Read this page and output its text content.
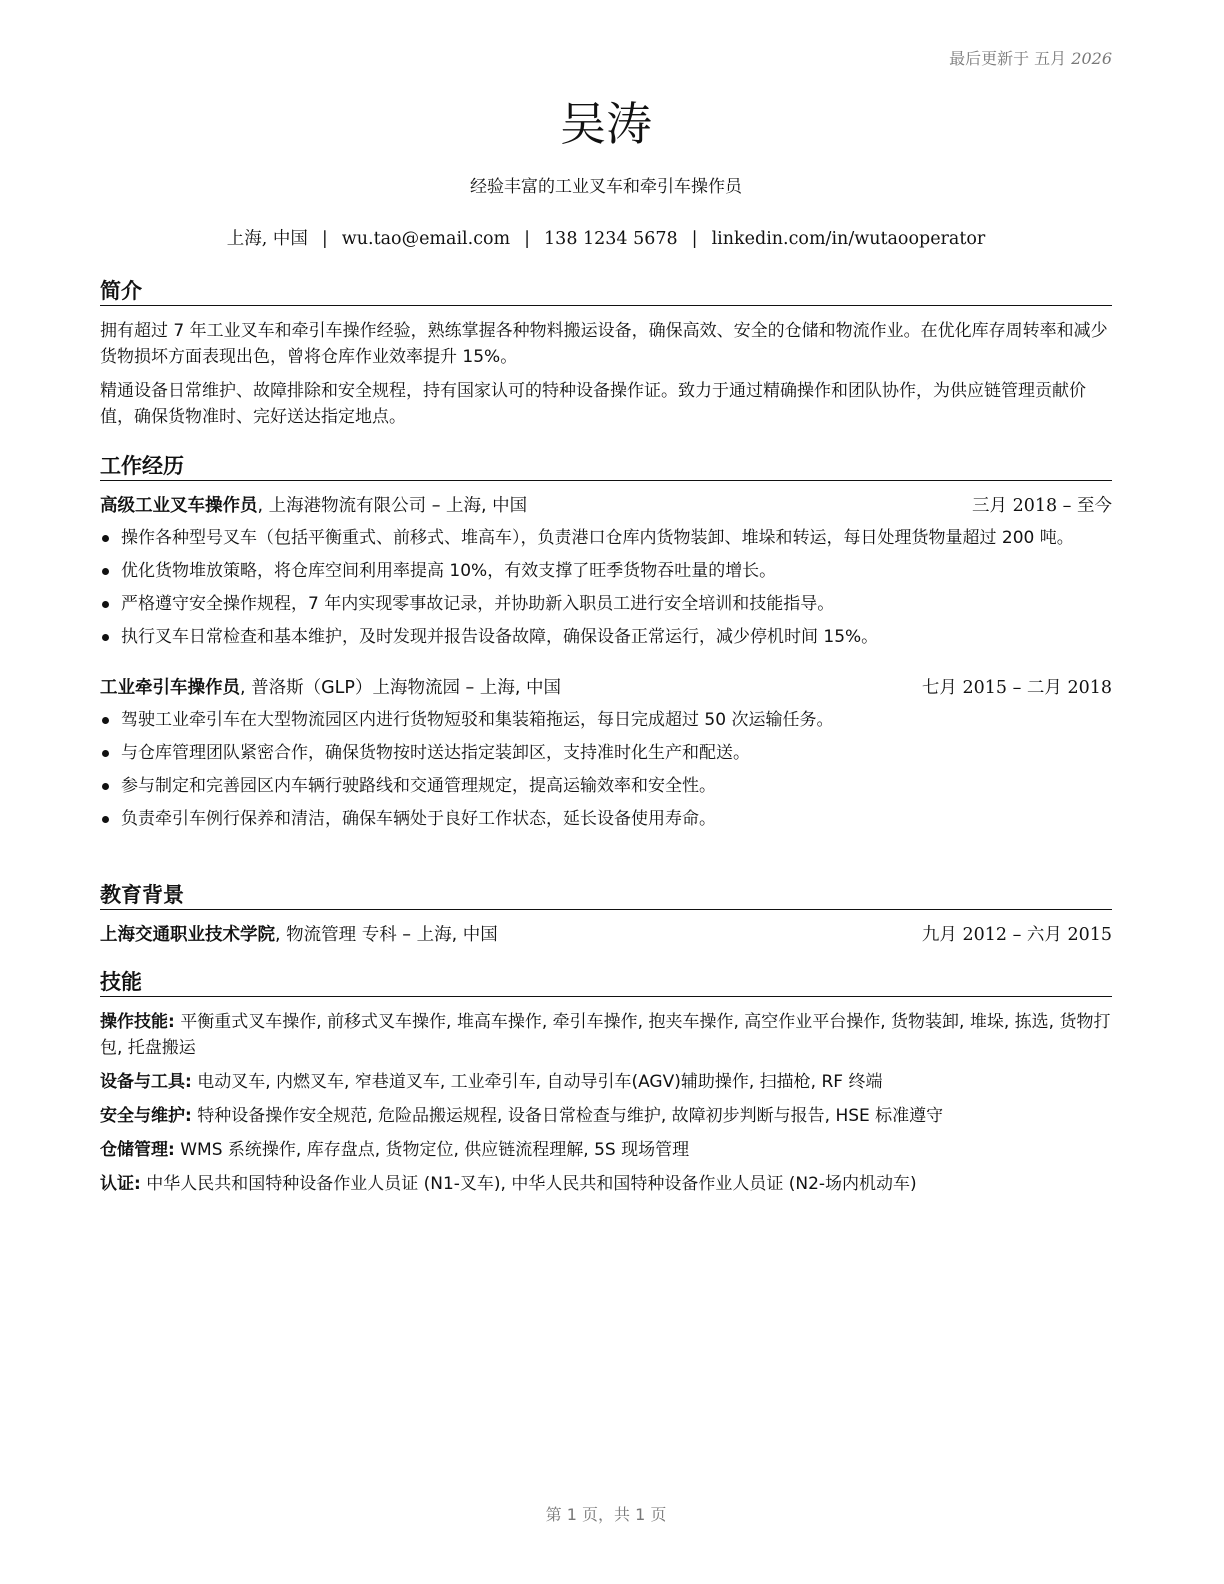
最后更新于 五月 2026
吴涛
经验丰富的工业叉车和牵引车操作员
上海, 中国 | wu.tao@email.com | 138 1234 5678 | linkedin.com/in/wutaooperator
简介

拥有超过 7 年工业叉车和牵引车操作经验，熟练掌握各种物料搬运设备，确保高效、安全的仓储和物流作业。在优化库存周转率和减少货物损坏方面表现出色，曾将仓库作业效率提升 15%。

精通设备日常维护、故障排除和安全规程，持有国家认可的特种设备操作证。致力于通过精确操作和团队协作，为供应链管理贡献价值，确保货物准时、完好送达指定地点。

工作经历
高级工业叉车操作员, 上海港物流有限公司 – 上海, 中国	三月 2018 – 至今
操作各种型号叉车（包括平衡重式、前移式、堆高车），负责港口仓库内货物装卸、堆垛和转运，每日处理货物量超过 200 吨。
优化货物堆放策略，将仓库空间利用率提高 10%，有效支撑了旺季货物吞吐量的增长。
严格遵守安全操作规程，7 年内实现零事故记录，并协助新入职员工进行安全培训和技能指导。
执行叉车日常检查和基本维护，及时发现并报告设备故障，确保设备正常运行，减少停机时间 15%。
工业牵引车操作员, 普洛斯（GLP）上海物流园 – 上海, 中国	七月 2015 – 二月 2018
驾驶工业牵引车在大型物流园区内进行货物短驳和集装箱拖运，每日完成超过 50 次运输任务。
与仓库管理团队紧密合作，确保货物按时送达指定装卸区，支持准时化生产和配送。
参与制定和完善园区内车辆行驶路线和交通管理规定，提高运输效率和安全性。
负责牵引车例行保养和清洁，确保车辆处于良好工作状态，延长设备使用寿命。
教育背景
上海交通职业技术学院, 物流管理 专科 – 上海, 中国	九月 2012 – 六月 2015
技能
操作技能: 平衡重式叉车操作, 前移式叉车操作, 堆高车操作, 牵引车操作, 抱夹车操作, 高空作业平台操作, 货物装卸, 堆垛, 拣选, 货物打包, 托盘搬运
设备与工具: 电动叉车, 内燃叉车, 窄巷道叉车, 工业牵引车, 自动导引车(AGV)辅助操作, 扫描枪, RF 终端
安全与维护: 特种设备操作安全规范, 危险品搬运规程, 设备日常检查与维护, 故障初步判断与报告, HSE 标准遵守
仓储管理: WMS 系统操作, 库存盘点, 货物定位, 供应链流程理解, 5S 现场管理
认证: 中华人民共和国特种设备作业人员证 (N1-叉车), 中华人民共和国特种设备作业人员证 (N2-场内机动车)
第 1 页，共 1 页
